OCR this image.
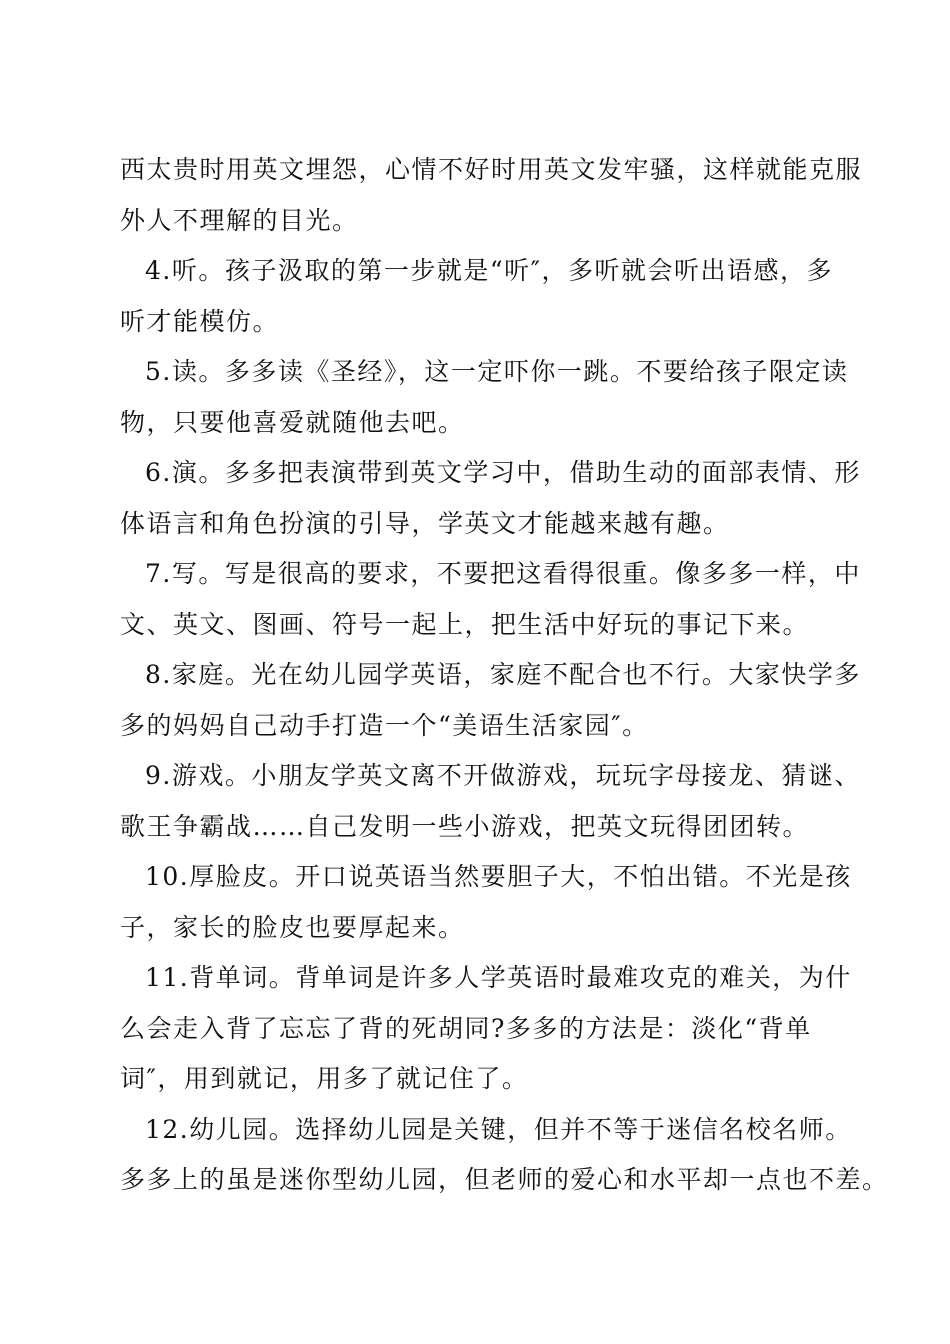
西太贵时用英文埋怨，心情不好时用英文发牢骚，这样就能克服
外人不理解的目光。
4.听。孩子汲取的第一步就是“听″，多听就会听出语感，多
听才能模仿。
5.读。多多读《圣经》，这一定吓你一跳。不要给孩子限定读
物，只要他喜爱就随他去吧。
6.演。多多把表演带到英文学习中，借助生动的面部表情、形
体语言和角色扮演的引导，学英文才能越来越有趣。
7.写。写是很高的要求，不要把这看得很重。像多多一样，中
文、英文、图画、符号一起上，把生活中好玩的事记下来。
8.家庭。光在幼儿园学英语，家庭不配合也不行。大家快学多
多的妈妈自己动手打造一个“美语生活家园″。
9.游戏。小朋友学英文离不开做游戏，玩玩字母接龙、猜谜、
歌王争霸战……自己发明一些小游戏，把英文玩得团团转。
10.厚脸皮。开口说英语当然要胆子大，不怕出错。不光是孩
子，家长的脸皮也要厚起来。
11.背单词。背单词是许多人学英语时最难攻克的难关，为什
么会走入背了忘忘了背的死胡同?多多的方法是：淡化“背单
词″，用到就记，用多了就记住了。
12.幼儿园。选择幼儿园是关键，但并不等于迷信名校名师。
多多上的虽是迷你型幼儿园，但老师的爱心和水平却一点也不差。
